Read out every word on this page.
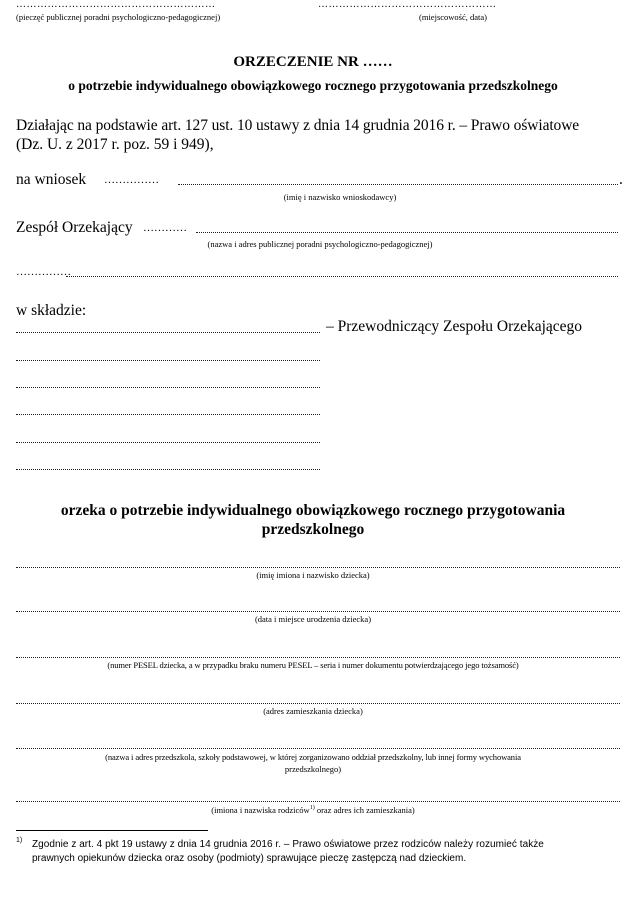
…………………………………………………
(pieczęć publicznej poradni psychologiczno-pedagogicznej)
……………………………………………
(miejscowość, data)
ORZECZENIE NR ……
o potrzebie indywidualnego obowiązkowego rocznego przygotowania przedszkolnego
Działając na podstawie art. 127 ust. 10 ustawy z dnia 14 grudnia 2016 r. – Prawo oświatowe
(Dz. U. z 2017 r. poz. 59 i 949),
na wniosek ……………	.
(imię i nazwisko wnioskodawcy)
Zespół Orzekający …………
(nazwa i adres publicznej poradni psychologiczno-pedagogicznej)
……………
w składzie:
– Przewodniczący Zespołu Orzekającego
orzeka o potrzebie indywidualnego obowiązkowego rocznego przygotowania
przedszkolnego
(imię imiona i nazwisko dziecka)
(data i miejsce urodzenia dziecka)
(numer PESEL dziecka, a w przypadku braku numeru PESEL – seria i numer dokumentu potwierdzającego jego tożsamość)
(adres zamieszkania dziecka)
(nazwa i adres przedszkola, szkoły podstawowej, w której zorganizowano oddział przedszkolny, lub innej formy wychowania
przedszkolnego)
(imiona i nazwiska rodziców$^{1)}$ oraz adres ich zamieszkania)
1) Zgodnie z art. 4 pkt 19 ustawy z dnia 14 grudnia 2016 r. – Prawo oświatowe przez rodziców należy rozumieć także
prawnych opiekunów dziecka oraz osoby (podmioty) sprawujące pieczę zastępczą nad dzieckiem.
